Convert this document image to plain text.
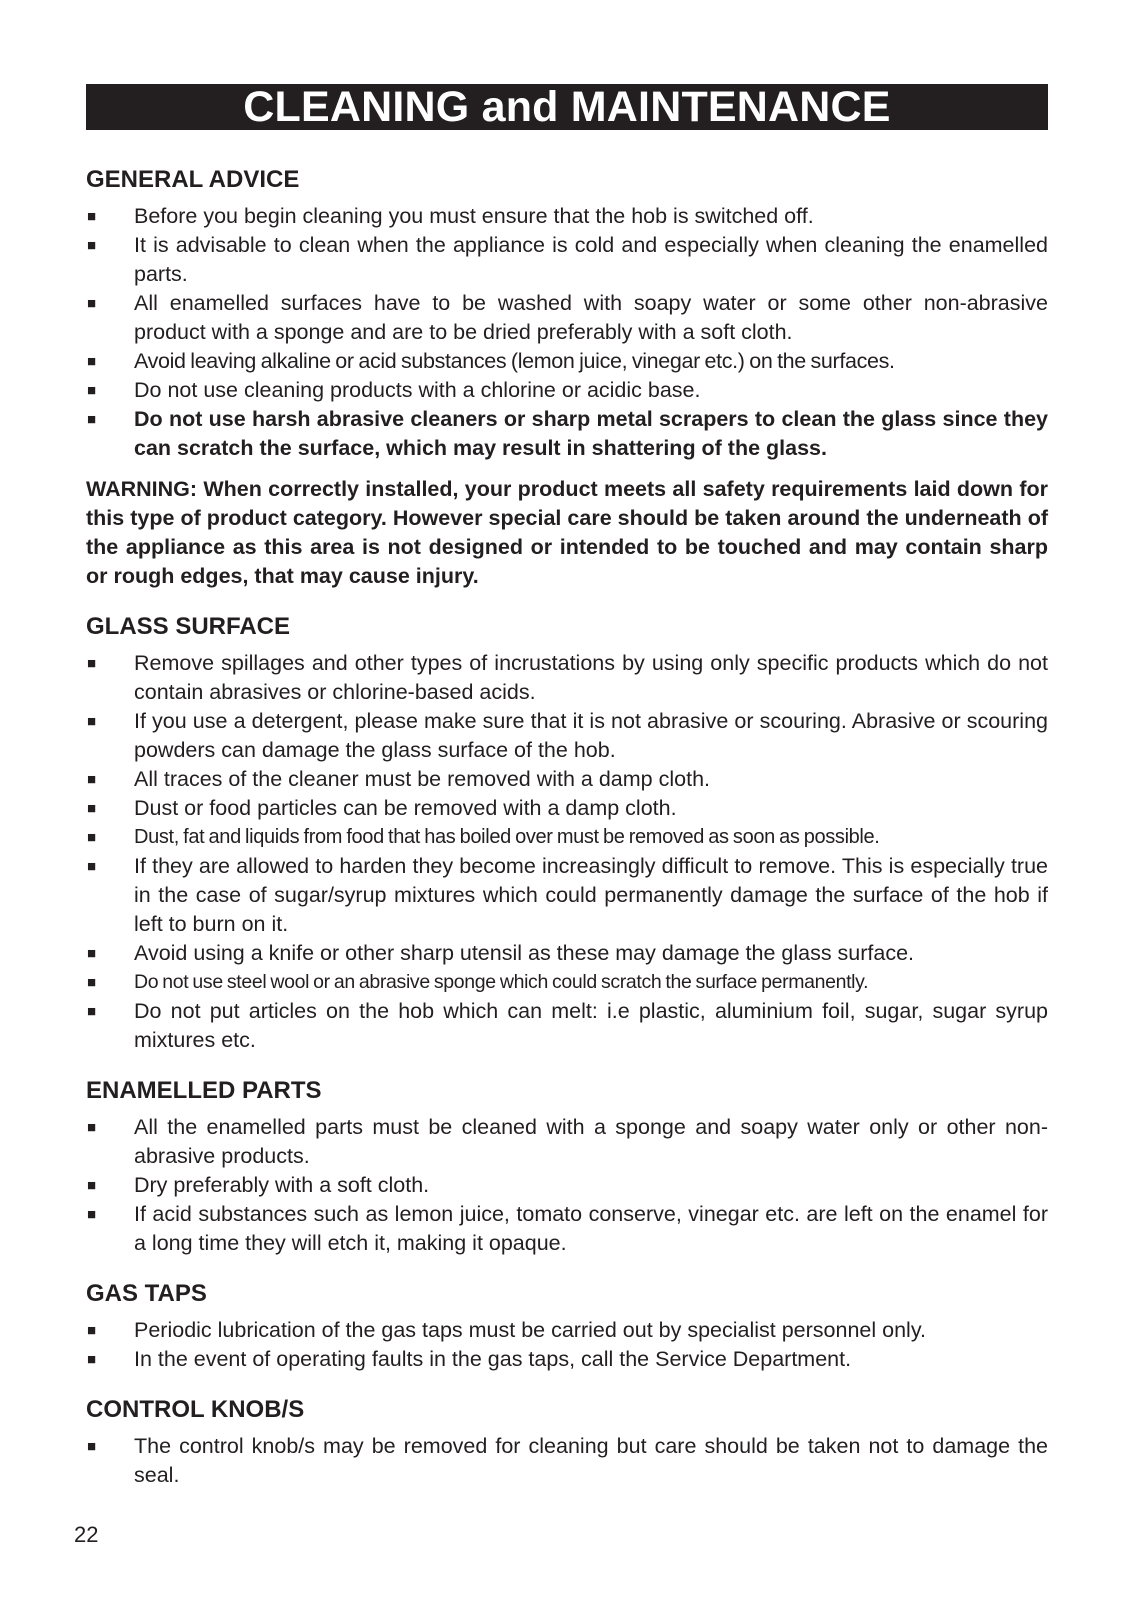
CLEANING and MAINTENANCE
GENERAL ADVICE
■ Before you begin cleaning you must ensure that the hob is switched off.
■ It is advisable to clean when the appliance is cold and especially when cleaning the enamelled parts.
■ All enamelled surfaces have to be washed with soapy water or some other non-abrasive product with a sponge and are to be dried preferably with a soft cloth.
■ Avoid leaving alkaline or acid substances (lemon juice, vinegar etc.) on the surfaces.
■ Do not use cleaning products with a chlorine or acidic base.
■ Do not use harsh abrasive cleaners or sharp metal scrapers to clean the glass since they can scratch the surface, which may result in shattering of the glass.

WARNING: When correctly installed, your product meets all safety requirements laid down for this type of product category. However special care should be taken around the underneath of the appliance as this area is not designed or intended to be touched and may contain sharp or rough edges, that may cause injury.

GLASS SURFACE
■ Remove spillages and other types of incrustations by using only specific products which do not contain abrasives or chlorine-based acids.
■ If you use a detergent, please make sure that it is not abrasive or scouring. Abrasive or scouring powders can damage the glass surface of the hob.
■ All traces of the cleaner must be removed with a damp cloth.
■ Dust or food particles can be removed with a damp cloth.
■ Dust, fat and liquids from food that has boiled over must be removed as soon as possible.
■ If they are allowed to harden they become increasingly difficult to remove. This is especially true in the case of sugar/syrup mixtures which could permanently damage the surface of the hob if left to burn on it.
■ Avoid using a knife or other sharp utensil as these may damage the glass surface.
■ Do not use steel wool or an abrasive sponge which could scratch the surface permanently.
■ Do not put articles on the hob which can melt: i.e plastic, aluminium foil, sugar, sugar syrup mixtures etc.
ENAMELLED PARTS
■ All the enamelled parts must be cleaned with a sponge and soapy water only or other non-abrasive products.
■ Dry preferably with a soft cloth.
■ If acid substances such as lemon juice, tomato conserve, vinegar etc. are left on the enamel for a long time they will etch it, making it opaque.
GAS TAPS
■ Periodic lubrication of the gas taps must be carried out by specialist personnel only.
■ In the event of operating faults in the gas taps, call the Service Department.
CONTROL KNOB/S
■ The control knob/s may be removed for cleaning but care should be taken not to damage the seal.
22
